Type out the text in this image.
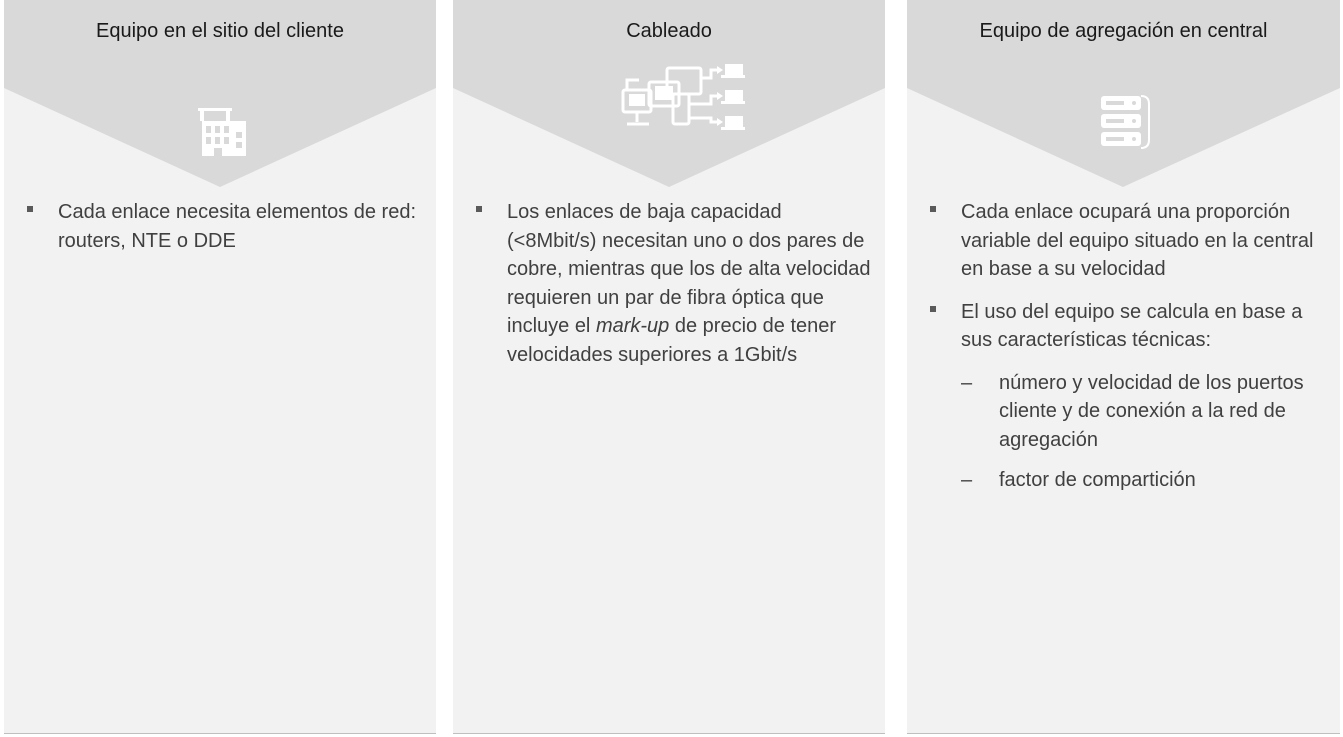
Equipo en el sitio del cliente
Cada enlace necesita elementos de red: routers, NTE o DDE
Cableado
Los enlaces de baja capacidad (<8Mbit/s) necesitan uno o dos pares de cobre, mientras que los de alta velocidad requieren un par de fibra óptica que incluye el mark-up de precio de tener velocidades superiores a 1Gbit/s
Equipo de agregación en central
Cada enlace ocupará una proporción variable del equipo situado en la central en base a su velocidad
El uso del equipo se calcula en base a sus características técnicas:
– número y velocidad de los puertos cliente y de conexión a la red de agregación
– factor de compartición
